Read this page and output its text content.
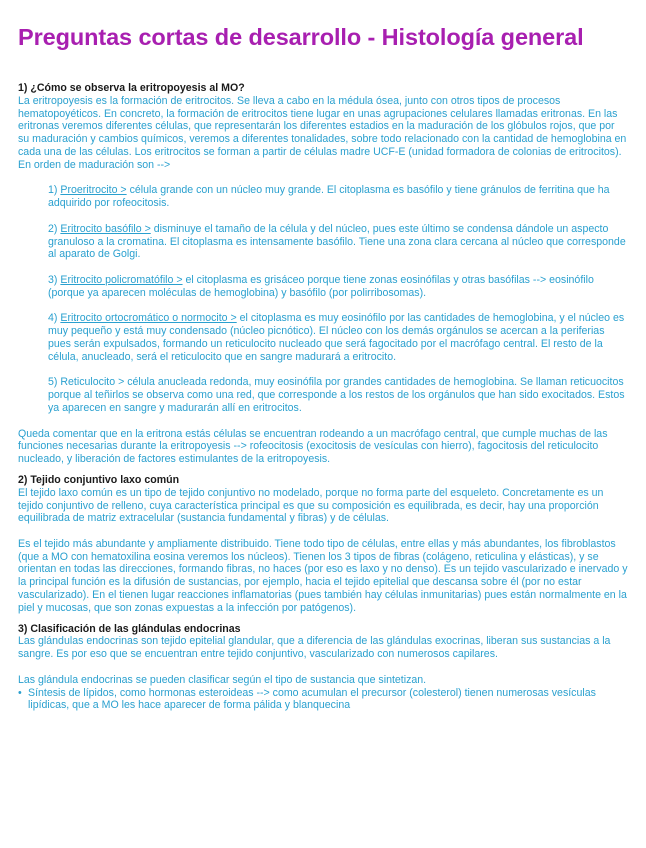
Preguntas cortas de desarrollo - Histología general
1) ¿Cómo se observa la eritropoyesis al MO?
La eritropoyesis es la formación de eritrocitos. Se lleva a cabo en la médula ósea, junto con otros tipos de procesos hematopoyéticos. En concreto, la formación de eritrocitos tiene lugar en unas agrupaciones celulares llamadas eritronas. En las eritronas veremos diferentes células, que representarán los diferentes estadios en la maduración de los glóbulos rojos, que por su maduración y cambios químicos, veremos a diferentes tonalidades, sobre todo relacionado con la cantidad de hemoglobina en cada una de las células. Los eritrocitos se forman a partir de células madre UCF-E (unidad formadora de colonias de eritrocitos). En orden de maduración son -->
1) Proeritrocito > célula grande con un núcleo muy grande. El citoplasma es basófilo y tiene gránulos de ferritina que ha adquirido por rofeocitosis.
2) Eritrocito basófilo > disminuye el tamaño de la célula y del núcleo, pues este último se condensa dándole un aspecto granuloso a la cromatina. El citoplasma es intensamente basófilo. Tiene una zona clara cercana al núcleo que corresponde al aparato de Golgi.
3) Eritrocito policromatófilo > el citoplasma es grisáceo porque tiene zonas eosinófilas y otras basófilas --> eosinófilo (porque ya aparecen moléculas de hemoglobina) y basófilo (por polirribosomas).
4) Eritrocito ortocromático o normocito > el citoplasma es muy eosinófilo por las cantidades de hemoglobina, y el núcleo es muy pequeño y está muy condensado (núcleo picnótico). El núcleo con los demás orgánulos se acercan a la periferias pues serán expulsados, formando un reticulocito nucleado que será fagocitado por el macrófago central. El resto de la célula, anucleado, será el reticulocito que en sangre madurará a eritrocito.
5) Reticulocito > célula anucleada redonda, muy eosinófila por grandes cantidades de hemoglobina. Se llaman reticuocitos porque al teñirlos se observa como una red, que corresponde a los restos de los orgánulos que han sido exocitados. Estos ya aparecen en sangre y madurarán allí en eritrocitos.
Queda comentar que en la eritrona estás células se encuentran rodeando a un macrófago central, que cumple muchas de las funciones necesarias durante la eritropoyesis --> rofeocitosis (exocitosis de vesículas con hierro), fagocitosis del reticulocito nucleado, y liberación de factores estimulantes de la eritropoyesis.
2) Tejido conjuntivo laxo común
El tejido laxo común es un tipo de tejido conjuntivo no modelado, porque no forma parte del esqueleto. Concretamente es un tejido conjuntivo de relleno, cuya característica principal es que su composición es equilibrada, es decir, hay una proporción equilibrada de matriz extracelular (sustancia fundamental y fibras) y de células.
Es el tejido más abundante y ampliamente distribuido. Tiene todo tipo de células, entre ellas y más abundantes, los fibroblastos (que a MO con hematoxilina eosina veremos los núcleos). Tienen los 3 tipos de fibras (colágeno, reticulina y elásticas), y se orientan en todas las direcciones, formando fibras, no haces (por eso es laxo y no denso). Es un tejido vascularizado e inervado y la principal función es la difusión de sustancias, por ejemplo, hacia el tejido epitelial que descansa sobre él (por no estar vascularizado). En el tienen lugar reacciones inflamatorias (pues también hay células inmunitarias) pues están normalmente en la piel y mucosas, que son zonas expuestas a la infección por patógenos).
3) Clasificación de las glándulas endocrinas
Las glándulas endocrinas son tejido epitelial glandular, que a diferencia de las glándulas exocrinas, liberan sus sustancias a la sangre. Es por eso que se encuentran entre tejido conjuntivo, vascularizado con numerosos capilares.
Las glándula endocrinas se pueden clasificar según el tipo de sustancia que sintetizan.
• Síntesis de lípidos, como hormonas esteroideas --> como acumulan el precursor (colesterol) tienen numerosas vesículas lipídicas, que a MO les hace aparecer de forma pálida y blanquecina
